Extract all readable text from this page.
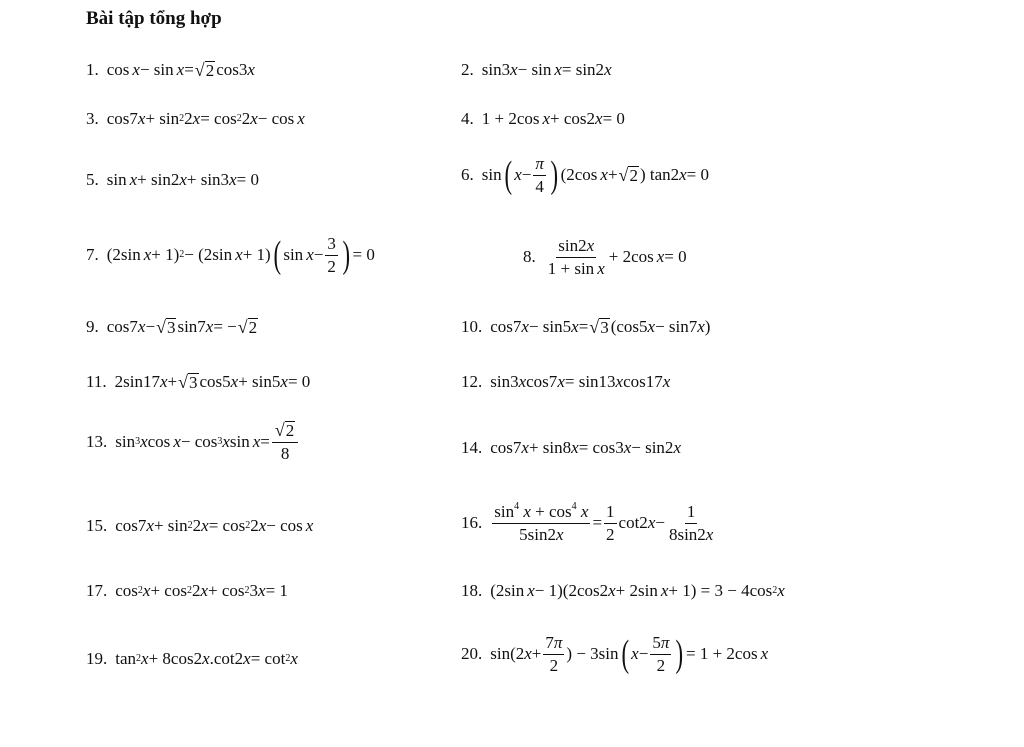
Bài tập tổng hợp
1. cos x − sin x = √ 2 cos3 x	2. sin3 x − sin x = sin2 x
3. cos7 x + sin 2 2 x = cos 2 2 x − cos x	4. 1 + 2cos x + cos2 x = 0
5. sin x + sin2 x + sin3 x = 0	6. sin ( $x - \frac{\pi}{4}$ ) (2cos x + √ 2 ) tan2 x = 0
7. (2sin x + 1) 2 − (2sin x + 1) ( $\sin x - \frac{3}{2}$ ) = 0	8. $\frac{\sin 2x}{\text{1 + sin x}} + 2\cos$ x = 0
9. cos7 x − √ 3 sin7 x = − √ 2	10. cos7 x − sin5 x = √ 3 (cos5 x − sin7 x )
11. 2sin17 x + √ 3 cos5 x + sin5 x = 0	12. sin3 x cos7 x = sin13 x cos17 x
13. sin 3 x cos x − cos 3 x $\sin x = \frac{√ 2}{8}$	14. cos7 x + sin8 x = cos3 x − sin2 x
15. cos7 x + sin 2 2 x = cos 2 2 x − cos x	16. $\frac{\sin^4 x + \cos^4 x}{5\sin 2x} = \frac{1}{2} \cot 2$ $x - \frac{1}{8\sin 2x}$
17. cos 2 x + cos 2 2 x + cos 2 3 x = 1	18. (2sin x − 1)(2cos2 x + 2sin x + 1) = 3 − 4cos 2 x
19. tan 2 x + 8cos2 x .cot2 x = cot 2 x	20. sin(2 $x + \frac{7\pi}{2}$ ) − 3sin ( $x - \frac{5\pi}{2}$ ) = 1 + 2cos x
